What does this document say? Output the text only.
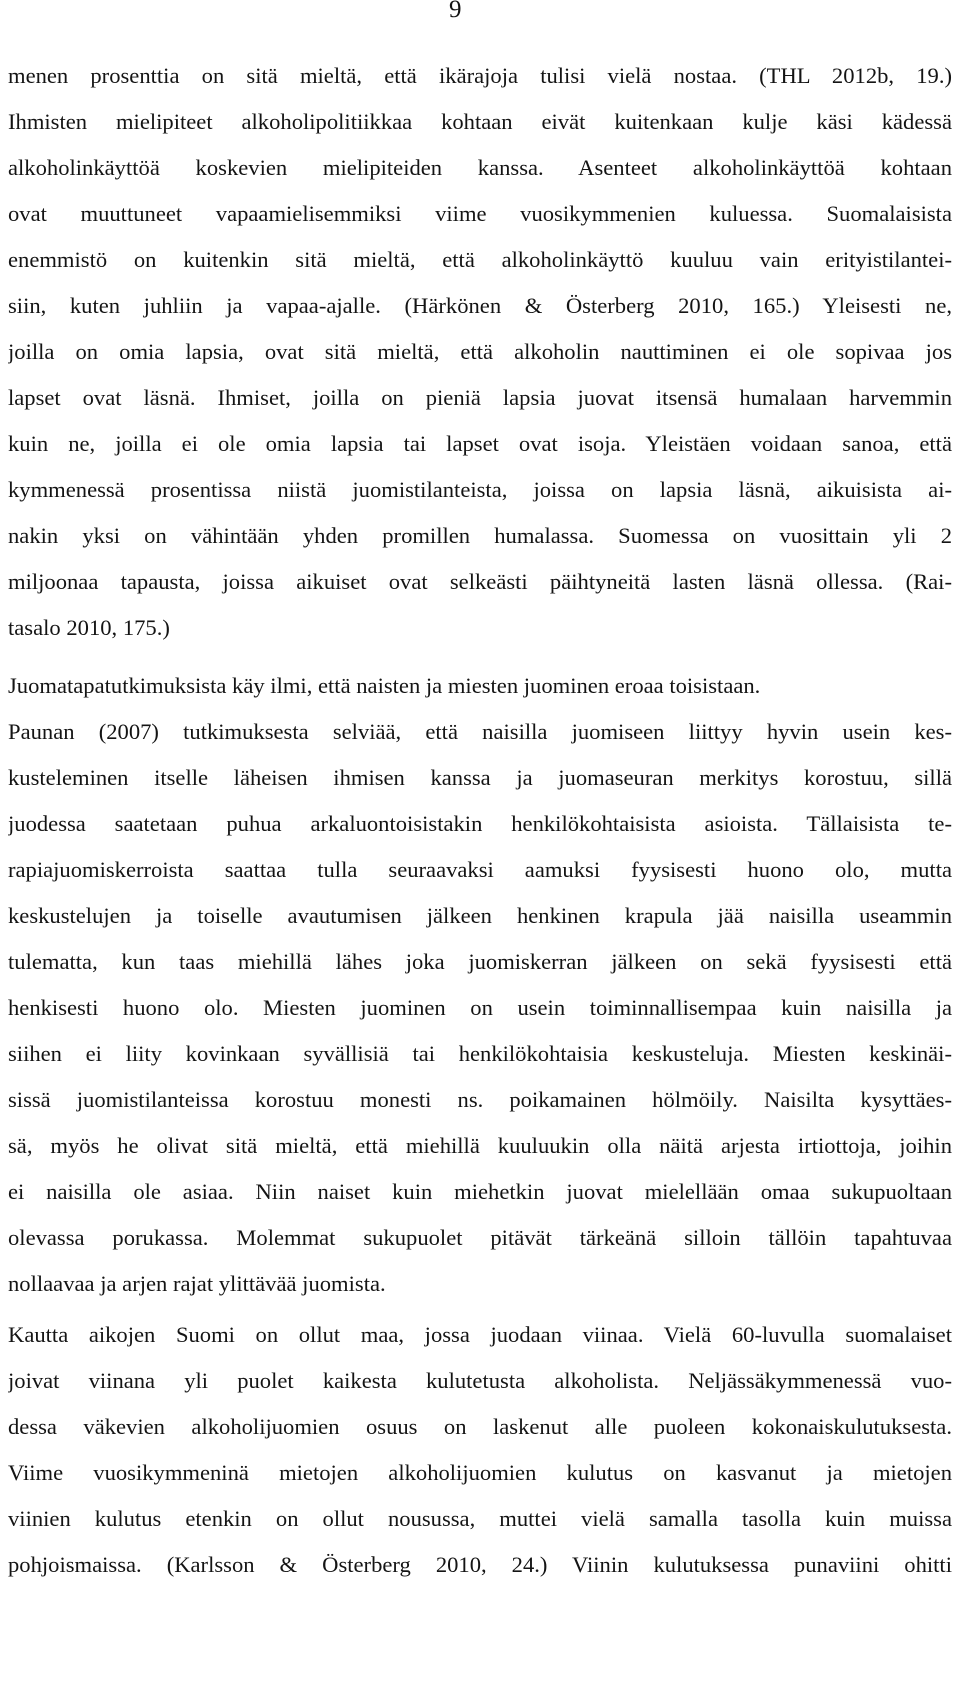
9
menen prosenttia on sitä mieltä, että ikärajoja tulisi vielä nostaa. (THL 2012b, 19.)
Ihmisten mielipiteet alkoholipolitiikkaa kohtaan eivät kuitenkaan kulje käsi kädessä
alkoholinkäyttöä koskevien mielipiteiden kanssa. Asenteet alkoholinkäyttöä kohtaan
ovat muuttuneet vapaamielisemmiksi viime vuosikymmenien kuluessa. Suomalaisista
enemmistö on kuitenkin sitä mieltä, että alkoholinkäyttö kuuluu vain erityistilantei-
siin, kuten juhliin ja vapaa-ajalle. (Härkönen & Österberg 2010, 165.) Yleisesti ne,
joilla on omia lapsia, ovat sitä mieltä, että alkoholin nauttiminen ei ole sopivaa jos
lapset ovat läsnä. Ihmiset, joilla on pieniä lapsia juovat itsensä humalaan harvemmin
kuin ne, joilla ei ole omia lapsia tai lapset ovat isoja. Yleistäen voidaan sanoa, että
kymmenessä prosentissa niistä juomistilanteista, joissa on lapsia läsnä, aikuisista ai-
nakin yksi on vähintään yhden promillen humalassa. Suomessa on vuosittain yli 2
miljoonaa tapausta, joissa aikuiset ovat selkeästi päihtyneitä lasten läsnä ollessa. (Rai-
tasalo 2010, 175.)
Juomatapatutkimuksista käy ilmi, että naisten ja miesten juominen eroaa toisistaan.
Paunan (2007) tutkimuksesta selviää, että naisilla juomiseen liittyy hyvin usein kes-
kusteleminen itselle läheisen ihmisen kanssa ja juomaseuran merkitys korostuu, sillä
juodessa saatetaan puhua arkaluontoisistakin henkilökohtaisista asioista. Tällaisista te-
rapiajuomiskerroista saattaa tulla seuraavaksi aamuksi fyysisesti huono olo, mutta
keskustelujen ja toiselle avautumisen jälkeen henkinen krapula jää naisilla useammin
tulematta, kun taas miehillä lähes joka juomiskerran jälkeen on sekä fyysisesti että
henkisesti huono olo. Miesten juominen on usein toiminnallisempaa kuin naisilla ja
siihen ei liity kovinkaan syvällisiä tai henkilökohtaisia keskusteluja. Miesten keskinäi-
sissä juomistilanteissa korostuu monesti ns. poikamainen hölmöily. Naisilta kysyttäes-
sä, myös he olivat sitä mieltä, että miehillä kuuluukin olla näitä arjesta irtiottoja, joihin
ei naisilla ole asiaa. Niin naiset kuin miehetkin juovat mielellään omaa sukupuoltaan
olevassa porukassa. Molemmat sukupuolet pitävät tärkeänä silloin tällöin tapahtuvaa
nollaavaa ja arjen rajat ylittävää juomista.
Kautta aikojen Suomi on ollut maa, jossa juodaan viinaa. Vielä 60-luvulla suomalaiset
joivat viinana yli puolet kaikesta kulutetusta alkoholista. Neljässäkymmenessä vuo-
dessa väkevien alkoholijuomien osuus on laskenut alle puoleen kokonaiskulutuksesta.
Viime vuosikymmeninä mietojen alkoholijuomien kulutus on kasvanut ja mietojen
viinien kulutus etenkin on ollut nousussa, muttei vielä samalla tasolla kuin muissa
pohjoismaissa. (Karlsson & Österberg 2010, 24.) Viinin kulutuksessa punaviini ohitti
